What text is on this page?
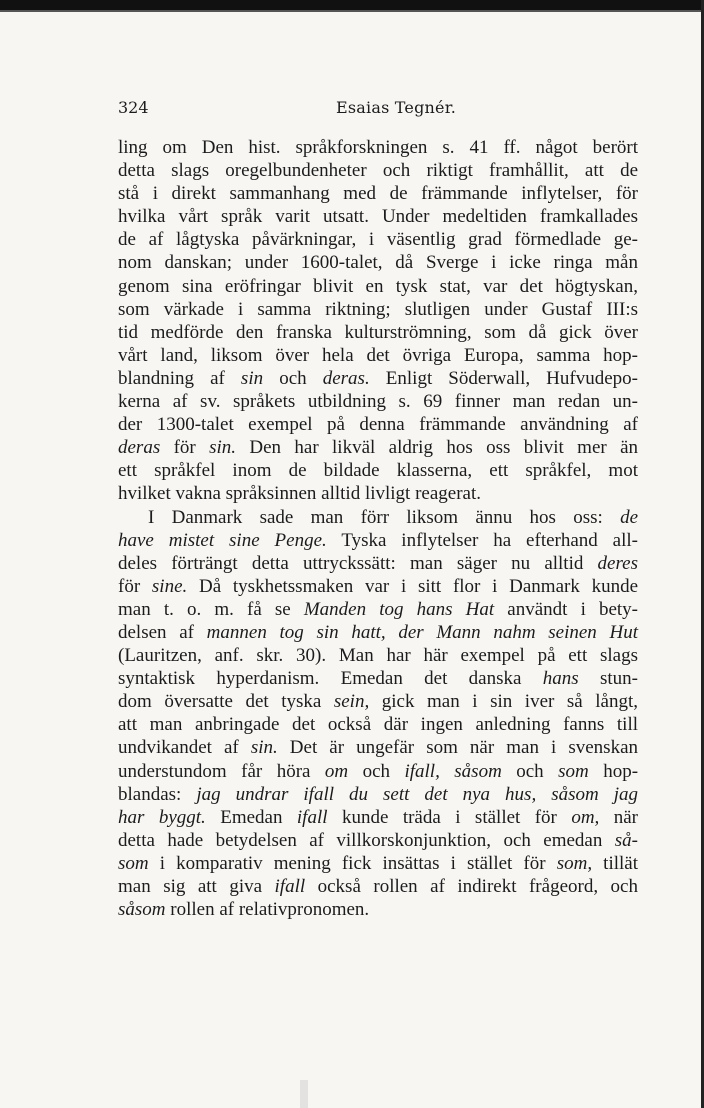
324	Esaias Tegnér.
ling om Den hist. språkforskningen s. 41 ff. något berört
detta slags oregelbundenheter och riktigt framhållit, att de
stå i direkt sammanhang med de främmande inflytelser, för
hvilka vårt språk varit utsatt. Under medeltiden framkallades
de af lågtyska påvärkningar, i väsentlig grad förmedlade ge-
nom danskan; under 1600-talet, då Sverge i icke ringa mån
genom sina eröfringar blivit en tysk stat, var det högtyskan,
som värkade i samma riktning; slutligen under Gustaf III:s
tid medförde den franska kulturströmning, som då gick över
vårt land, liksom över hela det övriga Europa, samma hop-
blandning af sin och deras. Enligt Söderwall, Hufvudepo-
kerna af sv. språkets utbildning s. 69 finner man redan un-
der 1300-talet exempel på denna främmande användning af
deras för sin. Den har likväl aldrig hos oss blivit mer än
ett språkfel inom de bildade klasserna, ett språkfel, mot
hvilket vakna språksinnen alltid livligt reagerat.
I Danmark sade man förr liksom ännu hos oss: de
have mistet sine Penge. Tyska inflytelser ha efterhand all-
deles förträngt detta uttryckssätt: man säger nu alltid deres
för sine. Då tyskhetssmaken var i sitt flor i Danmark kunde
man t. o. m. få se Manden tog hans Hat användt i bety-
delsen af mannen tog sin hatt, der Mann nahm seinen Hut
(Lauritzen, anf. skr. 30). Man har här exempel på ett slags
syntaktisk hyperdanism. Emedan det danska hans stun-
dom översatte det tyska sein, gick man i sin iver så långt,
att man anbringade det också där ingen anledning fanns till
undvikandet af sin. Det är ungefär som när man i svenskan
understundom får höra om och ifall, såsom och som hop-
blandas: jag undrar ifall du sett det nya hus, såsom jag
har byggt. Emedan ifall kunde träda i stället för om, när
detta hade betydelsen af villkorskonjunktion, och emedan så-
som i komparativ mening fick insättas i stället för som, tillät
man sig att giva ifall också rollen af indirekt frågeord, och
såsom rollen af relativpronomen.
